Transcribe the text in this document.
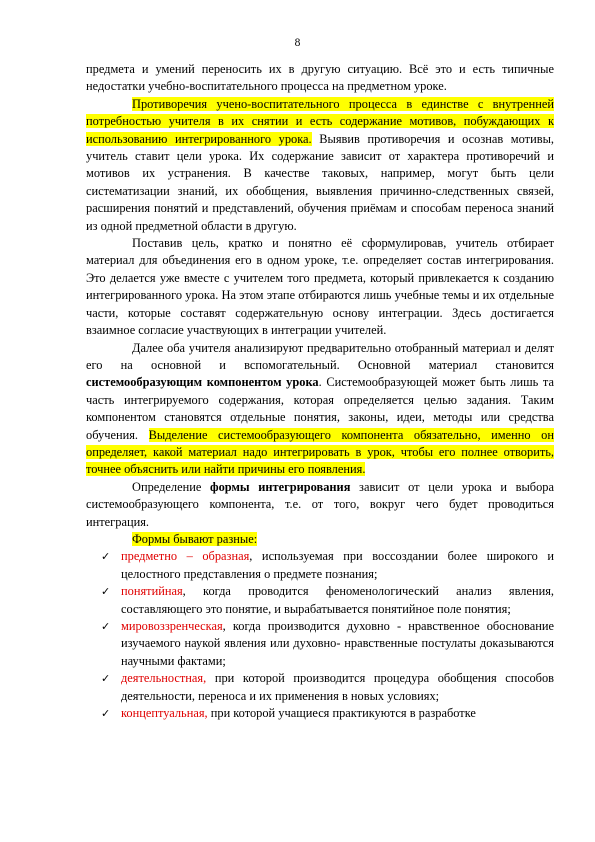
8

предмета и умений переносить их в другую ситуацию. Всё это и есть типичные недостатки учебно-воспитательного процесса на предметном уроке.

Противоречия учено-воспитательного процесса в единстве с внутренней потребностью учителя в их снятии и есть содержание мотивов, побуждающих к использованию интегрированного урока. Выявив противоречия и осознав мотивы, учитель ставит цели урока. Их содержание зависит от характера противоречий и мотивов их устранения. В качестве таковых, например, могут быть цели систематизации знаний, их обобщения, выявления причинно-следственных связей, расширения понятий и представлений, обучения приёмам и способам переноса знаний из одной предметной области в другую.

Поставив цель, кратко и понятно её сформулировав, учитель отбирает материал для объединения его в одном уроке, т.е. определяет состав интегрирования. Это делается уже вместе с учителем того предмета, который привлекается к созданию интегрированного урока. На этом этапе отбираются лишь учебные темы и их отдельные части, которые составят содержательную основу интеграции. Здесь достигается взаимное согласие участвующих в интеграции учителей.

Далее оба учителя анализируют предварительно отобранный материал и делят его на основной и вспомогательный. Основной материал становится системообразующим компонентом урока. Системообразующей может быть лишь та часть интегрируемого содержания, которая определяется целью задания. Таким компонентом становятся отдельные понятия, законы, идеи, методы или средства обучения. Выделение системообразующего компонента обязательно, именно он определяет, какой материал надо интегрировать в урок, чтобы его полнее отворить, точнее объяснить или найти причины его появления.

Определение формы интегрирования зависит от цели урока и выбора системообразующего компонента, т.е. от того, вокруг чего будет проводиться интеграция.

Формы бывают разные:

✓ предметно – образная, используемая при воссоздании более широкого и целостного представления о предмете познания;
✓ понятийная, когда проводится феноменологический анализ явления, составляющего это понятие, и вырабатывается понятийное поле понятия;
✓ мировоззренческая, когда производится духовно - нравственное обоснование изучаемого наукой явления или духовно- нравственные постулаты доказываются научными фактами;
✓ деятельностная, при которой производится процедура обобщения способов деятельности, переноса и их применения в новых условиях;
✓ концептуальная, при которой учащиеся практикуются в разработке
